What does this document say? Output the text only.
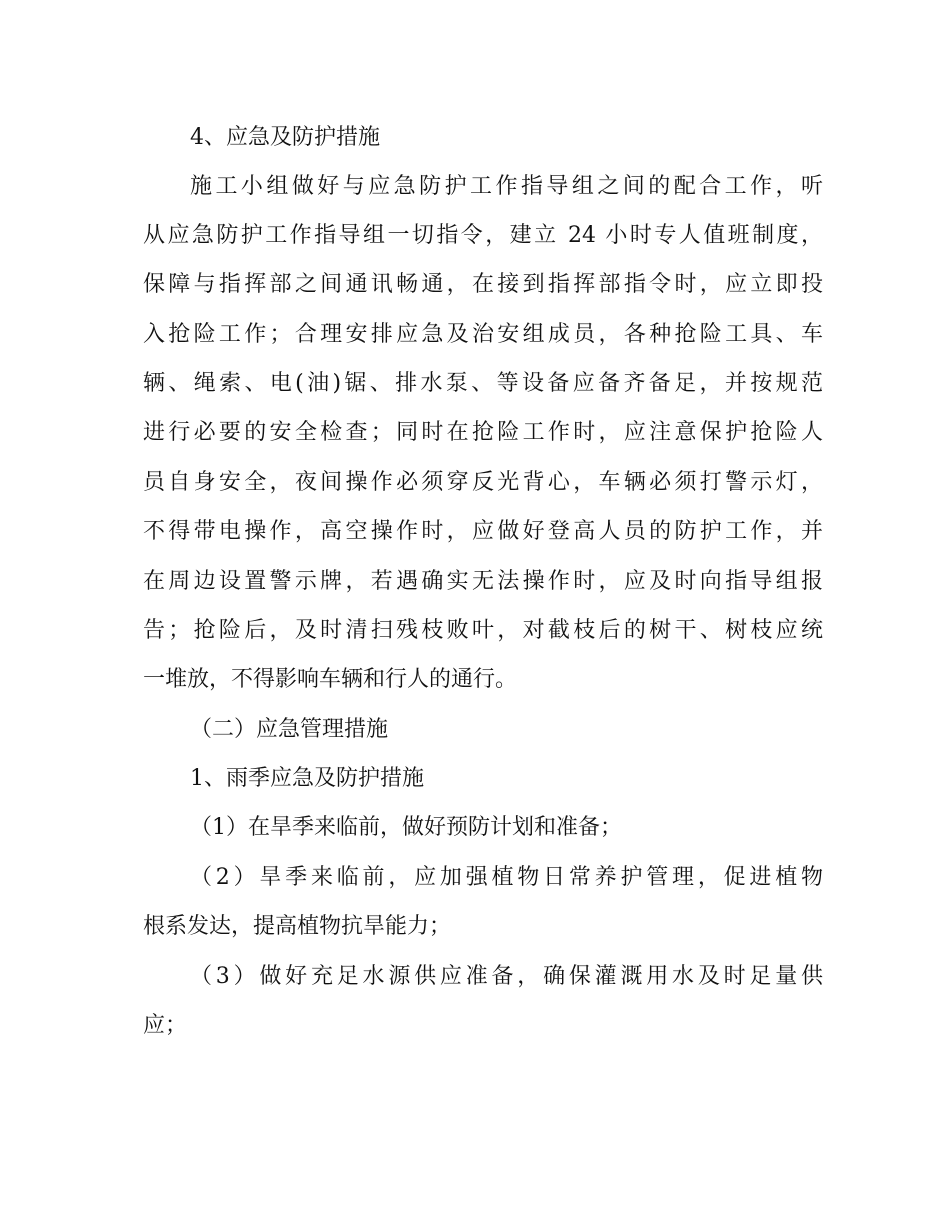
4、应急及防护措施
施工小组做好与应急防护工作指导组之间的配合工作，听
从应急防护工作指导组一切指令，建立 24 小时专人值班制度，
保障与指挥部之间通讯畅通，在接到指挥部指令时，应立即投
入抢险工作；合理安排应急及治安组成员，各种抢险工具、车
辆、绳索、电(油)锯、排水泵、等设备应备齐备足，并按规范
进行必要的安全检查；同时在抢险工作时，应注意保护抢险人
员自身安全，夜间操作必须穿反光背心，车辆必须打警示灯，
不得带电操作，高空操作时，应做好登高人员的防护工作，并
在周边设置警示牌，若遇确实无法操作时，应及时向指导组报
告；抢险后，及时清扫残枝败叶，对截枝后的树干、树枝应统
一堆放，不得影响车辆和行人的通行。
（二）应急管理措施
1、雨季应急及防护措施
（1）在旱季来临前，做好预防计划和准备；
（2）旱季来临前，应加强植物日常养护管理，促进植物
根系发达，提高植物抗旱能力；
（3）做好充足水源供应准备，确保灌溉用水及时足量供
应；
